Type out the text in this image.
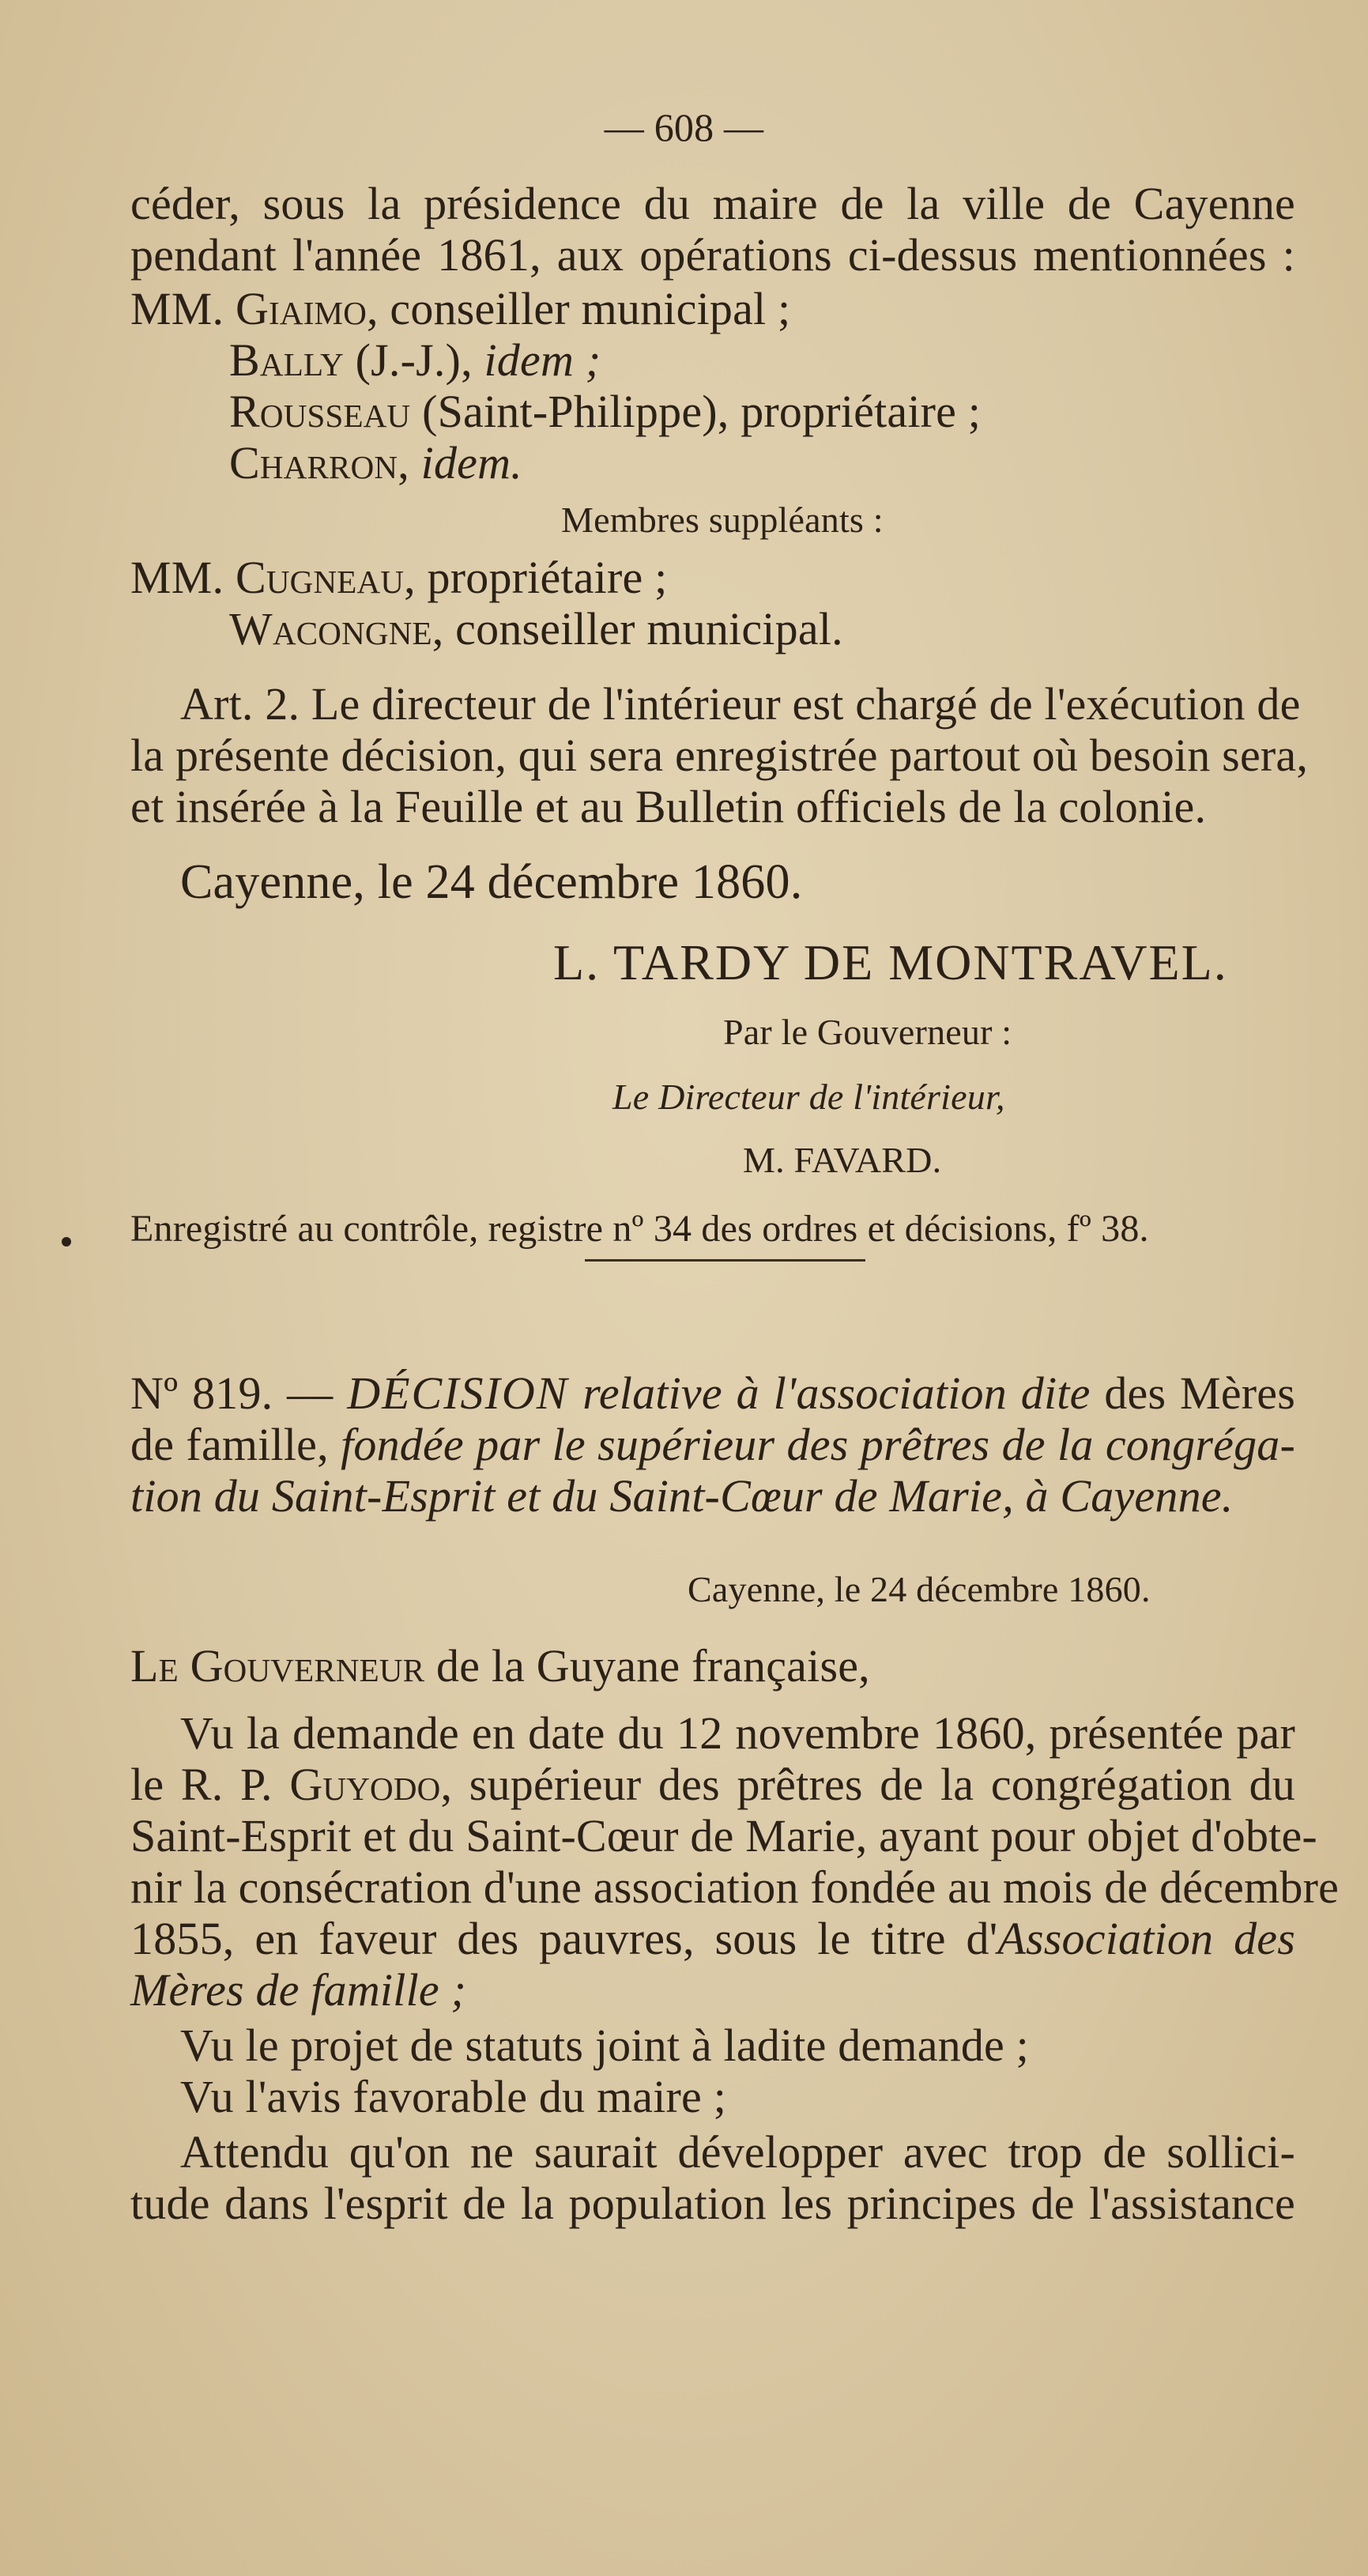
— 608 —
céder, sous la présidence du maire de la ville de Cayenne
pendant l'année 1861, aux opérations ci-dessus mentionnées :
MM. Giaimo, conseiller municipal ;
Bally (J.-J.), idem ;
Rousseau (Saint-Philippe), propriétaire ;
Charron, idem.
Membres suppléants :
MM. Cugneau, propriétaire ;
Wacongne, conseiller municipal.
Art. 2. Le directeur de l'intérieur est chargé de l'exécution de
la présente décision, qui sera enregistrée partout où besoin sera,
et insérée à la Feuille et au Bulletin officiels de la colonie.
Cayenne, le 24 décembre 1860.
L. TARDY DE MONTRAVEL.
Par le Gouverneur :
Le Directeur de l'intérieur,
M. FAVARD.
Enregistré au contrôle, registre nº 34 des ordres et décisions, fº 38.
Nº 819. — DÉCISION relative à l'association dite des Mères
de famille, fondée par le supérieur des prêtres de la congréga-
tion du Saint-Esprit et du Saint-Cœur de Marie, à Cayenne.
Cayenne, le 24 décembre 1860.
Le Gouverneur de la Guyane française,
Vu la demande en date du 12 novembre 1860, présentée par
le R. P. Guyodo, supérieur des prêtres de la congrégation du
Saint-Esprit et du Saint-Cœur de Marie, ayant pour objet d'obte-
nir la consécration d'une association fondée au mois de décembre
1855, en faveur des pauvres, sous le titre d'Association des
Mères de famille ;
Vu le projet de statuts joint à ladite demande ;
Vu l'avis favorable du maire ;
Attendu qu'on ne saurait développer avec trop de sollici-
tude dans l'esprit de la population les principes de l'assistance
